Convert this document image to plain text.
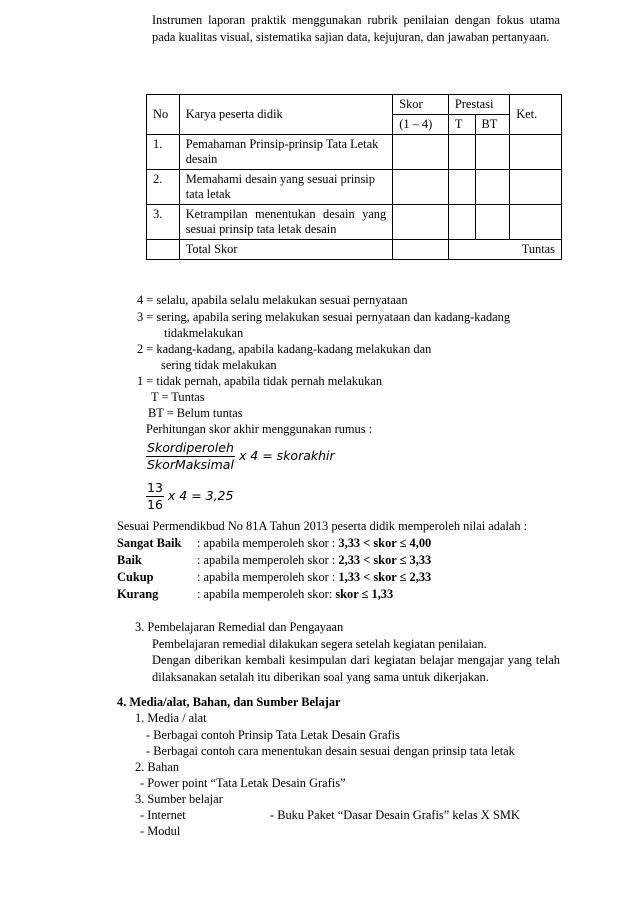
Instrumen laporan praktik menggunakan rubrik penilaian dengan fokus utama pada kualitas visual, sistematika sajian data, kejujuran, dan jawaban pertanyaan.
No	Karya peserta didik	Skor	Prestasi		Ket.
		(1 – 4)	T	BT	
1.	Pemahaman Prinsip-prinsip Tata Letak desain				
2.	Memahami desain yang sesuai prinsip tata letak				
3.	Ketrampilan menentukan desain yang sesuai prinsip tata letak desain				
	Total Skor		Tuntas		
4 = selalu, apabila selalu melakukan sesuai pernyataan
3 = sering, apabila sering melakukan sesuai pernyataan dan kadang-kadang
tidakmelakukan
2 = kadang-kadang, apabila kadang-kadang melakukan dan
sering tidak melakukan
1 = tidak pernah, apabila tidak pernah melakukan
T = Tuntas
BT = Belum tuntas
Perhitungan skor akhir menggunakan rumus :
$\frac{\text{Skordiperoleh}}{\text{SkorMaksimal}}$ x 4 = skorakhir
$\frac{13}{16}$ x 4 = 3,25
Sesuai Permendikbud No 81A Tahun 2013 peserta didik memperoleh nilai adalah :
Sangat Baik : apabila memperoleh skor : 3,33 < skor ≤ 4,00
Baik	: apabila memperoleh skor : 2,33 < skor ≤ 3,33
Cukup	: apabila memperoleh skor : 1,33 < skor ≤ 2,33
Kurang	: apabila memperoleh skor: skor ≤ 1,33
3. Pembelajaran Remedial dan Pengayaan
Pembelajaran remedial dilakukan segera setelah kegiatan penilaian.
Dengan diberikan kembali kesimpulan dari kegiatan belajar mengajar yang telah dilaksanakan setalah itu diberikan soal yang sama untuk dikerjakan.
4. Media/alat, Bahan, dan Sumber Belajar
1. Media / alat
- Berbagai contoh Prinsip Tata Letak Desain Grafis
- Berbagai contoh cara menentukan desain sesuai dengan prinsip tata letak
2. Bahan
- Power point “Tata Letak Desain Grafis”
3. Sumber belajar
- Internet	- Buku Paket “Dasar Desain Grafis” kelas X SMK
- Modul
